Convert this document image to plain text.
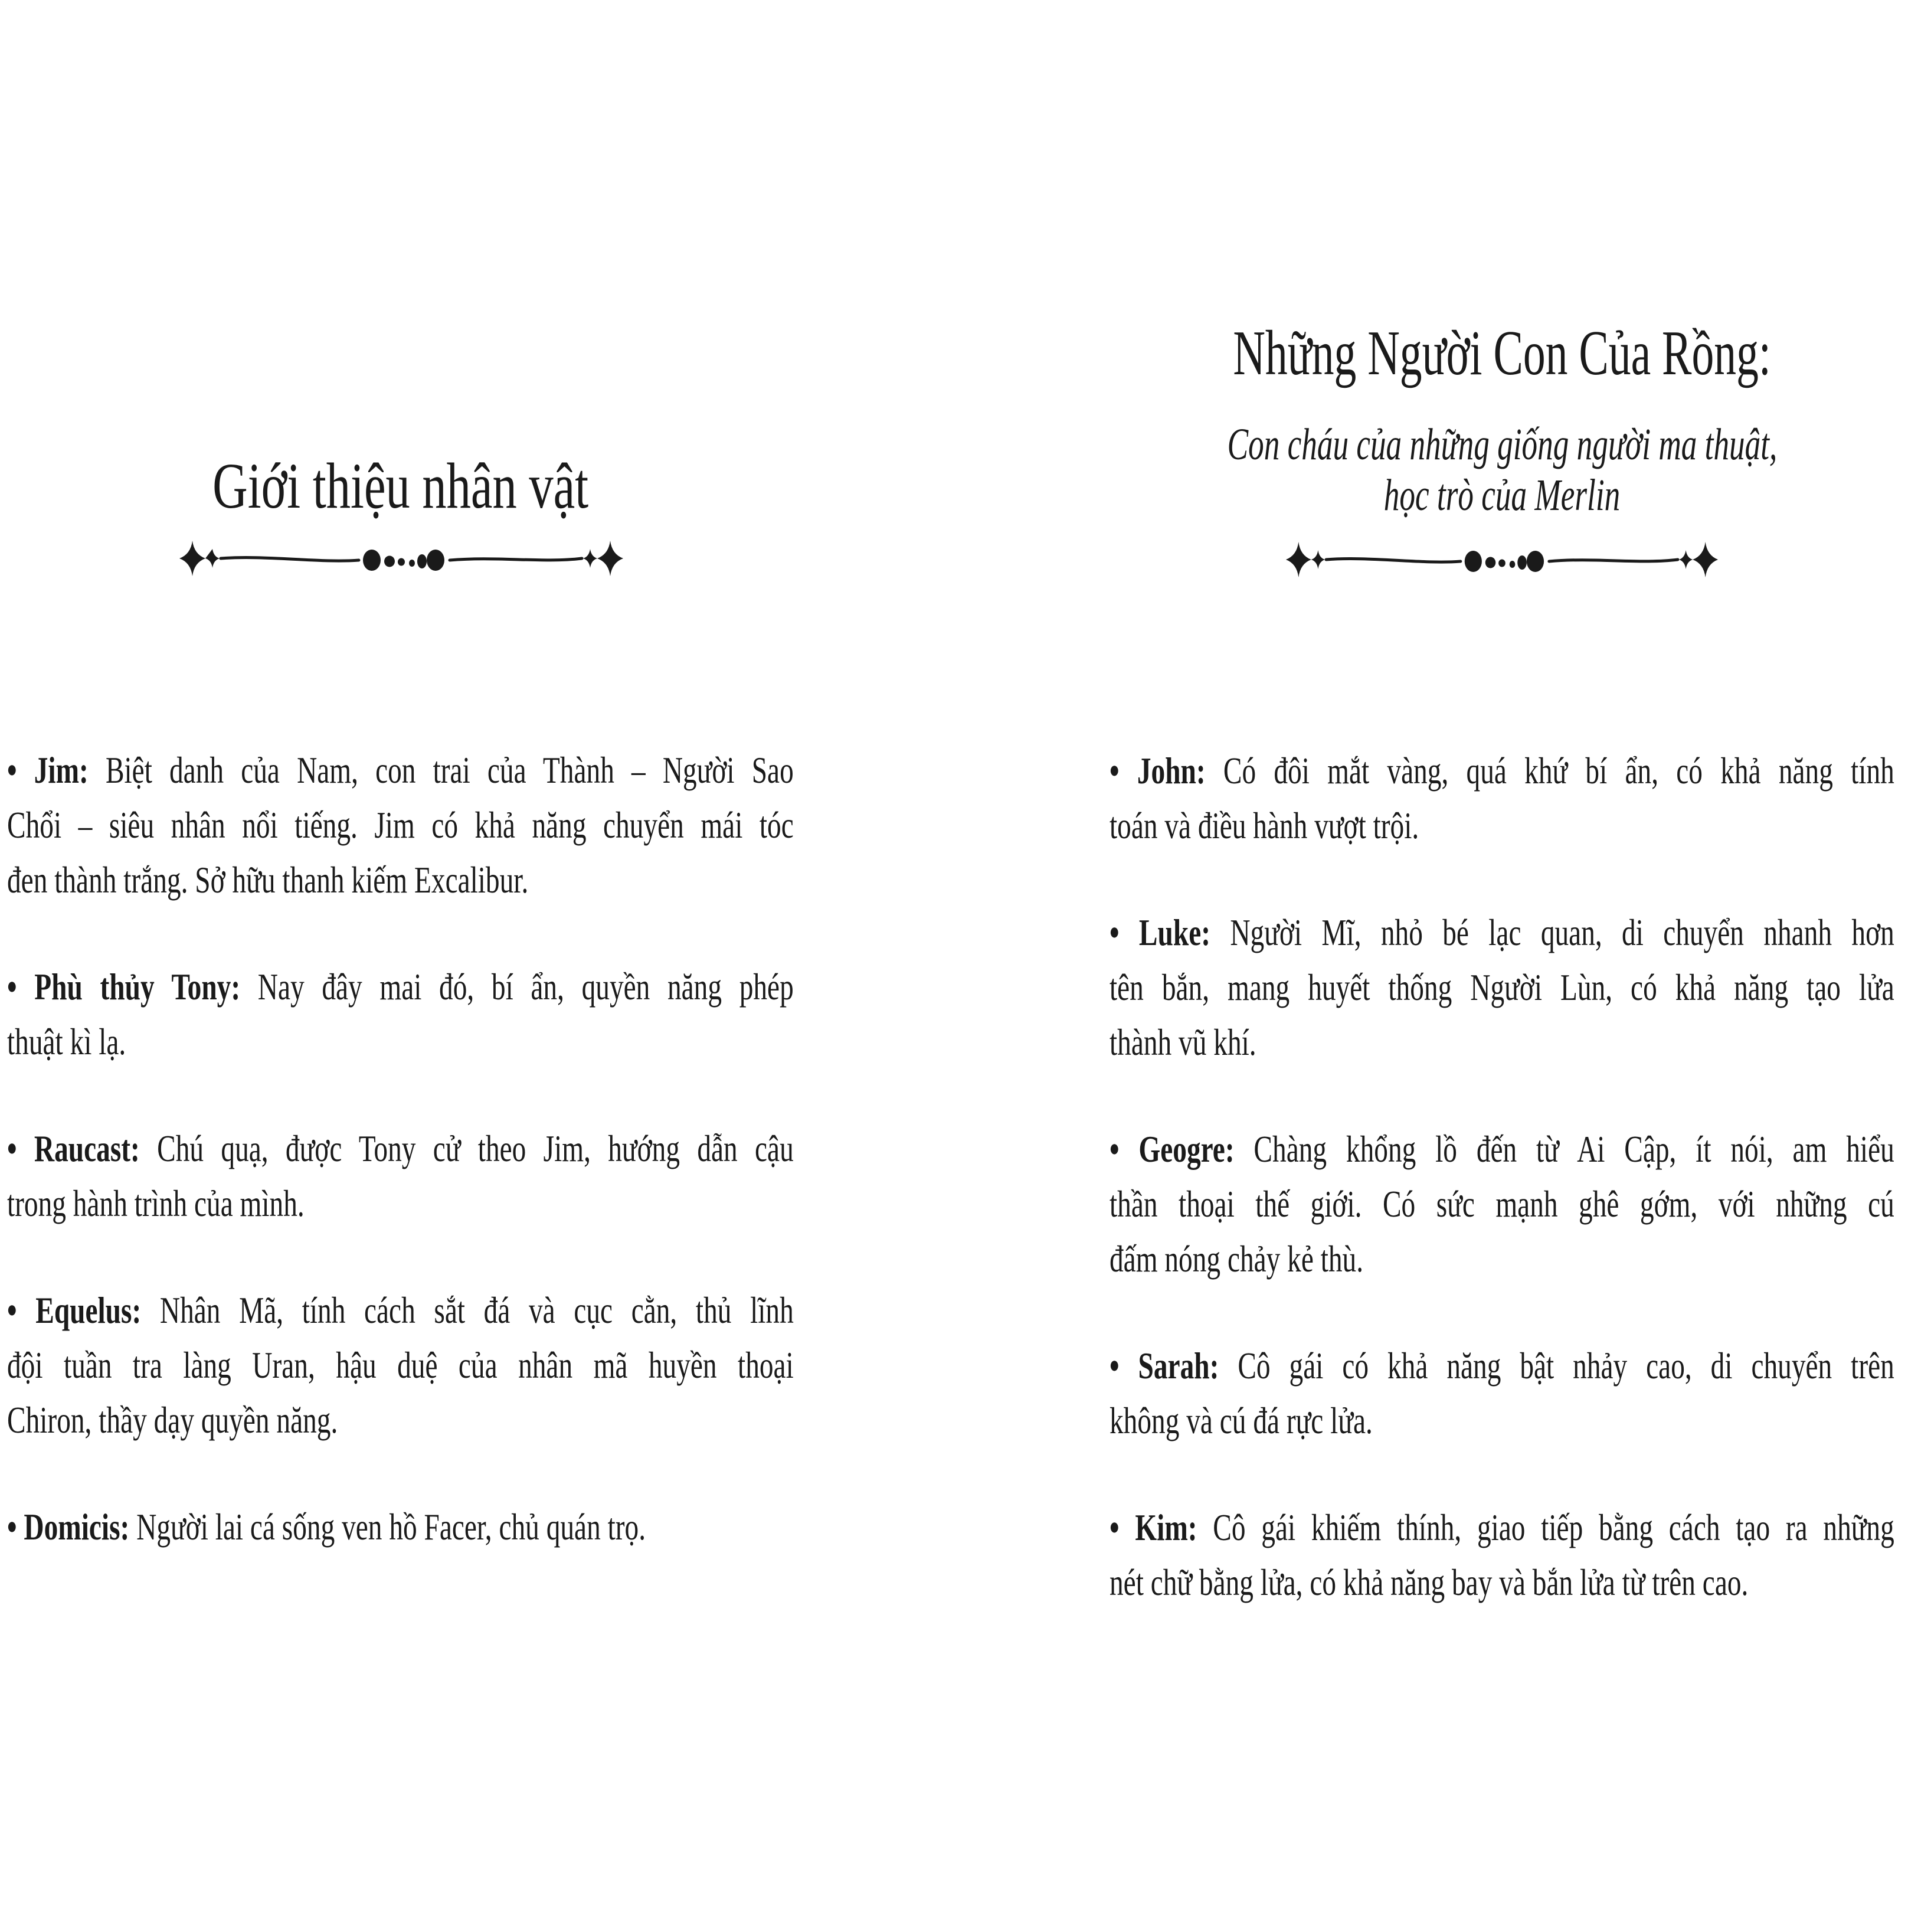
Giới thiệu nhân vật
• Jim: Biệt danh của Nam, con trai của Thành – Người Sao
Chổi – siêu nhân nổi tiếng. Jim có khả năng chuyển mái tóc
đen thành trắng. Sở hữu thanh kiếm Excalibur.
• Phù thủy Tony: Nay đây mai đó, bí ẩn, quyền năng phép
thuật kì lạ.
• Raucast: Chú quạ, được Tony cử theo Jim, hướng dẫn cậu
trong hành trình của mình.
• Equelus: Nhân Mã, tính cách sắt đá và cục cằn, thủ lĩnh
đội tuần tra làng Uran, hậu duệ của nhân mã huyền thoại
Chiron, thầy dạy quyền năng.
• Domicis: Người lai cá sống ven hồ Facer, chủ quán trọ.
Những Người Con Của Rồng:
Con cháu của những giống người ma thuật,
học trò của Merlin
• John: Có đôi mắt vàng, quá khứ bí ẩn, có khả năng tính
toán và điều hành vượt trội.
• Luke: Người Mĩ, nhỏ bé lạc quan, di chuyển nhanh hơn
tên bắn, mang huyết thống Người Lùn, có khả năng tạo lửa
thành vũ khí.
• Geogre: Chàng khổng lồ đến từ Ai Cập, ít nói, am hiểu
thần thoại thế giới. Có sức mạnh ghê gớm, với những cú
đấm nóng chảy kẻ thù.
• Sarah: Cô gái có khả năng bật nhảy cao, di chuyển trên
không và cú đá rực lửa.
• Kim: Cô gái khiếm thính, giao tiếp bằng cách tạo ra những
nét chữ bằng lửa, có khả năng bay và bắn lửa từ trên cao.
